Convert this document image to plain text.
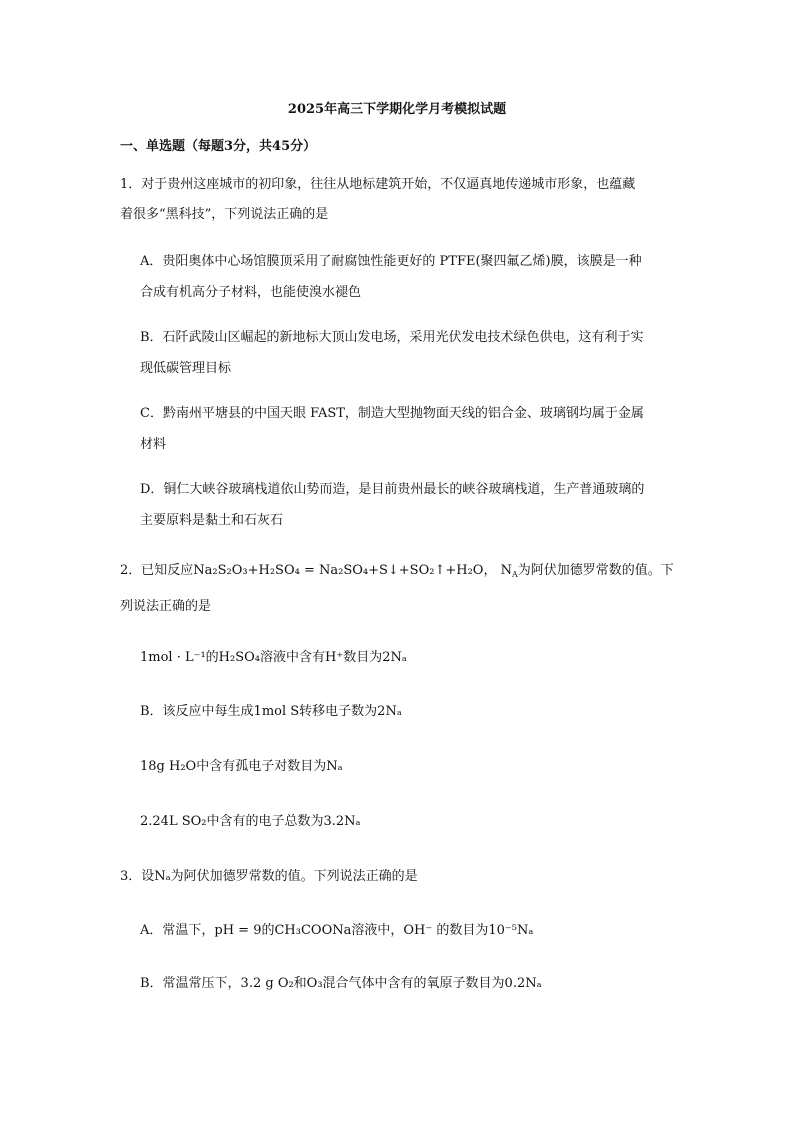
2025年高三下学期化学月考模拟试题
一、单选题（每题3分，共45分）
1．对于贵州这座城市的初印象，往往从地标建筑开始，不仅逼真地传递城市形象，也蕴藏
着很多“黑科技”，下列说法正确的是
A．贵阳奥体中心场馆膜顶采用了耐腐蚀性能更好的 PTFE(聚四氟乙烯)膜，该膜是一种
合成有机高分子材料，也能使溴水褪色
B．石阡武陵山区崛起的新地标大顶山发电场，采用光伏发电技术绿色供电，这有利于实
现低碳管理目标
C．黔南州平塘县的中国天眼 FAST，制造大型抛物面天线的铝合金、玻璃钢均属于金属
材料
D．铜仁大峡谷玻璃栈道依山势而造，是目前贵州最长的峡谷玻璃栈道，生产普通玻璃的
主要原料是黏土和石灰石
2．已知反应Na₂S₂O₃+H₂SO₄ = Na₂SO₄+S↓+SO₂↑+H₂O， $N_A$为阿伏加德罗常数的值。下
列说法正确的是
1mol · L⁻¹的H₂SO₄溶液中含有H⁺数目为2Nₐ
B．该反应中每生成1mol S转移电子数为2Nₐ
18g H₂O中含有孤电子对数目为Nₐ
2.24L SO₂中含有的电子总数为3.2Nₐ
3．设Nₐ为阿伏加德罗常数的值。下列说法正确的是
A．常温下，pH = 9的CH₃COONa溶液中，OH⁻ 的数目为10⁻⁵Nₐ
B．常温常压下，3.2 g O₂和O₃混合气体中含有的氧原子数目为0.2Nₐ
